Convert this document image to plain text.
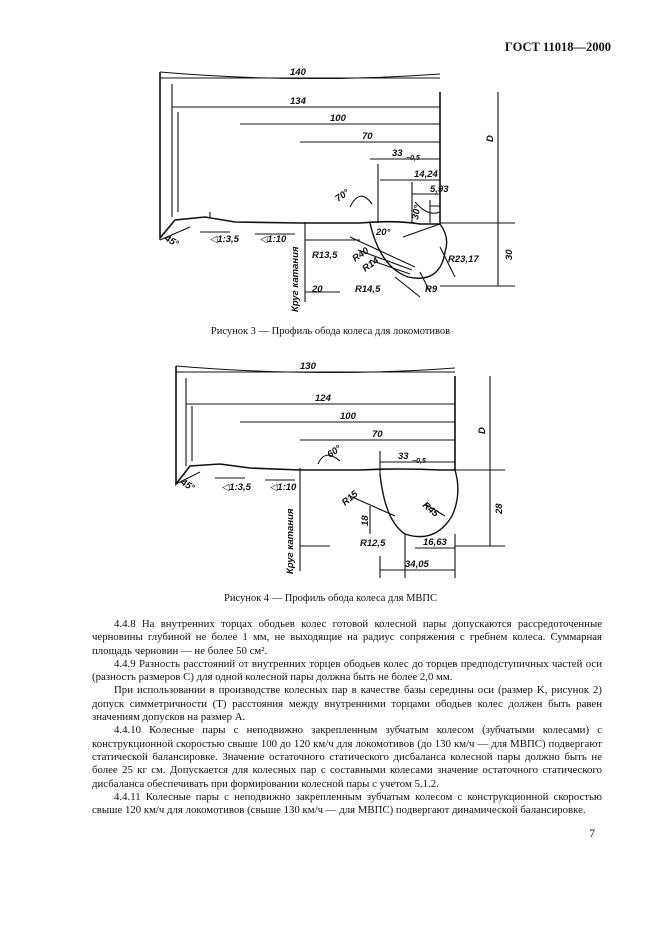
ГОСТ 11018—2000
140
134
100
70
33 −0,5
14,24
5,93
D
30
70°
30°
20°
45°	◁1:3,5 ◁1:10
Круг катания R13,5 R40
R14
R14,5	R9
R23,17
20
Рисунок 3 — Профиль обода колеса для локомотивов
130
124
100
70
33 −0,5
D
28
60°
45°	◁1:3,5 ◁1:10
Круг катания
R15
R45
18
R12,5	16,63
34,05
Рисунок 4 — Профиль обода колеса для МВПС

4.4.8 На внутренних торцах ободьев колес готовой колесной пары допускаются рассредоточенные черновины глубиной не более 1 мм, не выходящие на радиус сопряжения с гребнем колеса. Суммарная площадь черновин — не более 50 см².

4.4.9 Разность расстояний от внутренних торцев ободьев колес до торцев предподступичных частей оси (разность размеров С) для одной колесной пары должна быть не более 2,0 мм.

При использовании в производстве колесных пар в качестве базы середины оси (размер K, рисунок 2) допуск симметричности (T) расстояния между внутренними торцами ободьев колес должен быть равен значениям допусков на размер A.

4.4.10 Колесные пары с неподвижно закрепленным зубчатым колесом (зубчатыми колесами) с конструкционной скоростью свыше 100 до 120 км/ч для локомотивов (до 130 км/ч — для МВПС) подвергают статической балансировке. Значение остаточного статического дисбаланса колесной пары должно быть не более 25 кг см. Допускается для колесных пар с составными колесами значение остаточного статического дисбаланса обеспечивать при формировании колесной пары с учетом 5.1.2.

4.4.11 Колесные пары с неподвижно закрепленным зубчатым колесом с конструкционной скоростью свыше 120 км/ч для локомотивов (свыше 130 км/ч — для МВПС) подвергают динамической балансировке.

7
